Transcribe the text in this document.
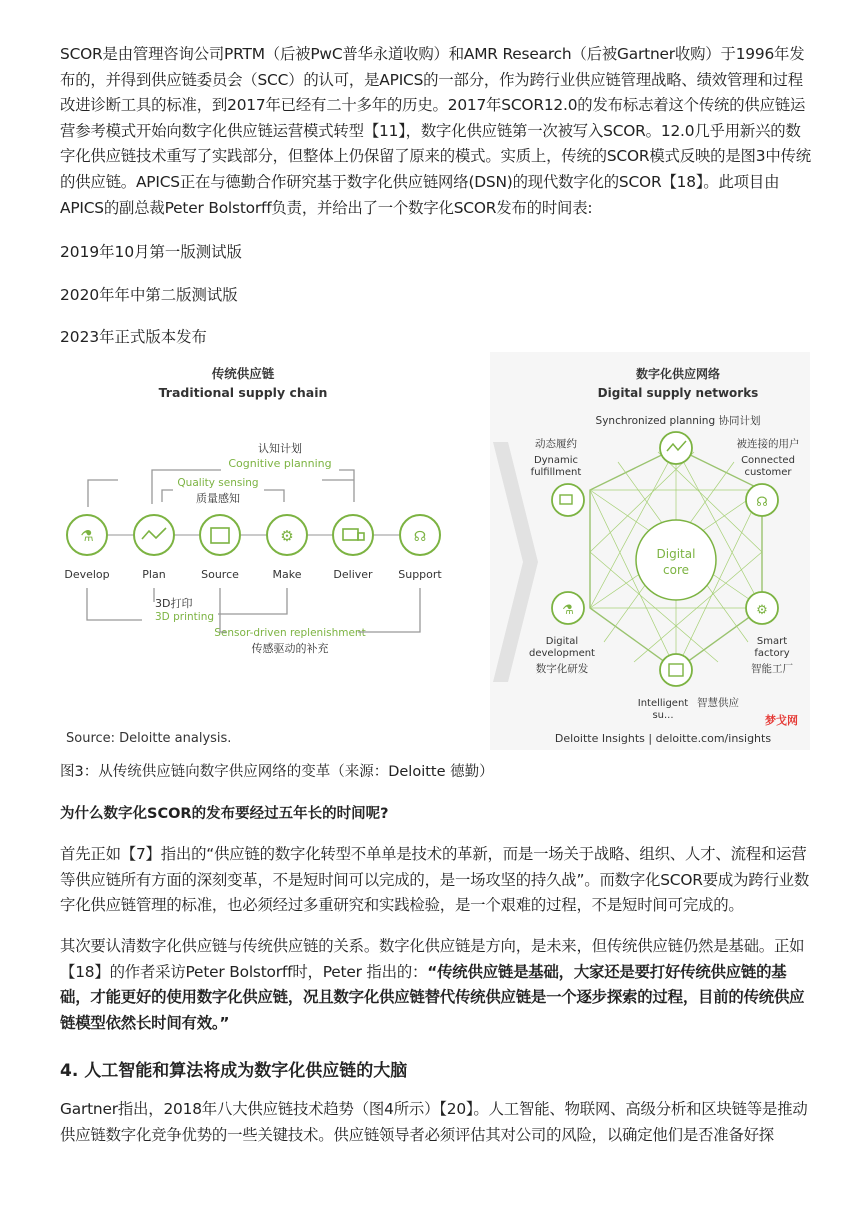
SCOR是由管理咨询公司PRTM（后被PwC普华永道收购）和AMR Research（后被Gartner收购）于1996年发布的，并得到供应链委员会（SCC）的认可，是APICS的一部分，作为跨行业供应链管理战略、绩效管理和过程改进诊断工具的标准，到2017年已经有二十多年的历史。2017年SCOR12.0的发布标志着这个传统的供应链运营参考模式开始向数字化供应链运营模式转型【11】，数字化供应链第一次被写入SCOR。12.0几乎用新兴的数字化供应链技术重写了实践部分，但整体上仍保留了原来的模式。实质上，传统的SCOR模式反映的是图3中传统的供应链。APICS正在与德勤合作研究基于数字化供应链网络(DSN)的现代数字化的SCOR【18】。此项目由APICS的副总裁Peter Bolstorff负责，并给出了一个数字化SCOR发布的时间表:

2019年10月第一版测试版

2020年年中第二版测试版

2023年正式版本发布

传统供应链
Traditional supply chain
认知计划
Cognitive planning
Quality sensing
质量感知
⚗
Develop	Plan	Source
⚙
Make	Deliver
☊
Support
3D打印
3D printing
Sensor-driven replenishment
传感驱动的补充
Source: Deloitte analysis.
数字化供应网络
Digital supply networks
Synchronized planning 协同计划
Digital
core
☊
⚗	⚙
动态履约
Dynamic
fulfillment
被连接的用户
Connected
customer
Digital
development
数字化研发
Smart
factory
智能工厂
Intelligent
su...
智慧供应
梦戈网
Deloitte Insights | deloitte.com/insights

图3：从传统供应链向数字供应网络的变革（来源：Deloitte 德勤）

为什么数字化SCOR的发布要经过五年长的时间呢?

首先正如【7】指出的“供应链的数字化转型不单单是技术的革新，而是一场关于战略、组织、人才、流程和运营等供应链所有方面的深刻变革，不是短时间可以完成的，是一场攻坚的持久战”。而数字化SCOR要成为跨行业数字化供应链管理的标准，也必须经过多重研究和实践检验，是一个艰难的过程，不是短时间可完成的。

其次要认清数字化供应链与传统供应链的关系。数字化供应链是方向，是未来，但传统供应链仍然是基础。正如【18】的作者采访Peter Bolstorff时，Peter 指出的：“传统供应链是基础，大家还是要打好传统供应链的基础，才能更好的使用数字化供应链，况且数字化供应链替代传统供应链是一个逐步探索的过程，目前的传统供应链模型依然长时间有效。”

4. 人工智能和算法将成为数字化供应链的大脑

Gartner指出，2018年八大供应链技术趋势（图4所示）【20】。人工智能、物联网、高级分析和区块链等是推动供应链数字化竞争优势的一些关键技术。供应链领导者必须评估其对公司的风险，以确定他们是否准备好探
